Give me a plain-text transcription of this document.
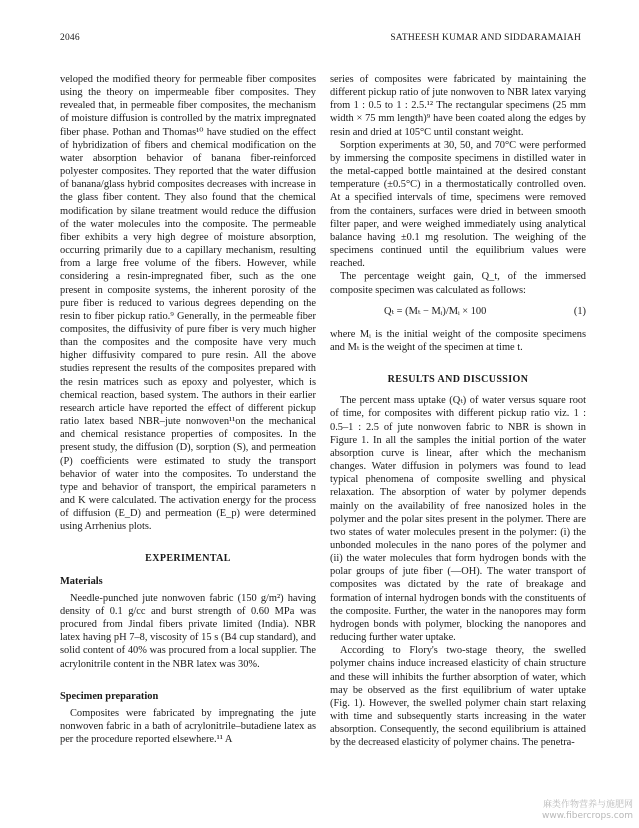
2046	SATHEESH KUMAR AND SIDDARAMAIAH

veloped the modified theory for permeable fiber composites using the theory on impermeable fiber composites. They revealed that, in permeable fiber composites, the mechanism of moisture diffusion is controlled by the matrix impregnated fiber phase. Pothan and Thomas¹⁰ have studied on the effect of hybridization of fibers and chemical modification on the water absorption behavior of banana fiber-reinforced polyester composites. They reported that the water diffusion of banana/glass hybrid composites decreases with increase in the glass fiber content. They also found that the chemical modification by silane treatment would reduce the diffusion of the water molecules into the composite. The permeable fiber exhibits a very high degree of moisture absorption, occurring primarily due to a capillary mechanism, resulting from a large free volume of the fibers. However, while considering a resin-impregnated fiber, such as the one present in composite systems, the inherent porosity of the pure fiber is reduced to various degrees depending on the resin to fiber pickup ratio.⁹ Generally, in the permeable fiber composites, the diffusivity of pure fiber is very much higher than the composites and the composite have very much higher diffusivity compared to pure resin. All the above studies represent the results of the composites prepared with the resin matrices such as epoxy and polyester, which is chemical reaction, based system. The authors in their earlier research article have reported the effect of different pickup ratio latex based NBR–jute nonwoven¹¹on the mechanical and chemical resistance properties of composites. In the present study, the diffusion (D), sorption (S), and permeation (P) coefficients were estimated to study the transport behavior of water into the composites. To understand the type and behavior of transport, the empirical parameters n and K were calculated. The activation energy for the process of diffusion (E_D) and permeation (E_p) were determined using Arrhenius plots.

EXPERIMENTAL
Materials

Needle-punched jute nonwoven fabric (150 g/m²) having density of 0.1 g/cc and burst strength of 0.60 MPa was procured from Jindal fibers private limited (India). NBR latex having pH 7–8, viscosity of 15 s (B4 cup standard), and solid content of 40% was procured from a local supplier. The acrylonitrile content in the NBR latex was 30%.

Specimen preparation

Composites were fabricated by impregnating the jute nonwoven fabric in a bath of acrylonitrile–butadiene latex as per the procedure reported elsewhere.¹¹ A

series of composites were fabricated by maintaining the different pickup ratio of jute nonwoven to NBR latex varying from 1 : 0.5 to 1 : 2.5.¹² The rectangular specimens (25 mm width × 75 mm length)⁹ have been coated along the edges by resin and dried at 105°C until constant weight.

Sorption experiments at 30, 50, and 70°C were performed by immersing the composite specimens in distilled water in the metal-capped bottle maintained at the desired constant temperature (±0.5°C) in a thermostatically controlled oven. At a specified intervals of time, specimens were removed from the containers, surfaces were dried in between smooth filter paper, and were weighed immediately using analytical balance having ±0.1 mg resolution. The weighing of the specimens continued until the equilibrium values were reached.

The percentage weight gain, Q_t, of the immersed composite specimen was calculated as follows:

Qₜ = (Mₜ − Mᵢ)/Mᵢ × 100	(1)

where Mᵢ is the initial weight of the composite specimens and Mₜ is the weight of the specimen at time t.

RESULTS AND DISCUSSION

The percent mass uptake (Qₜ) of water versus square root of time, for composites with different pickup ratio viz. 1 : 0.5–1 : 2.5 of jute nonwoven fabric to NBR is shown in Figure 1. In all the samples the initial portion of the water absorption curve is linear, after which the mechanism changes. Water diffusion in polymers was found to lead typical phenomena of composite swelling and physical relaxation. The absorption of water by polymer depends mainly on the availability of free nanosized holes in the polymer and the polar sites present in the polymer. There are two states of water molecules present in the polymer: (i) the unbonded molecules in the nano pores of the polymer and (ii) the water molecules that form hydrogen bonds with the polar groups of jute fiber (—OH). The water transport of composites was dictated by the rate of breakage and formation of internal hydrogen bonds with the constituents of the composite. Further, the water in the nanopores may form hydrogen bonds with polymer, blocking the nanopores and reducing further water uptake.

According to Flory's two-stage theory, the swelled polymer chains induce increased elasticity of chain structure and these will inhibits the further absorption of water, which may be observed as the first equilibrium of water uptake (Fig. 1). However, the swelled polymer chain start relaxing with time and subsequently starts increasing in the water absorption. Consequently, the second equilibrium is attained by the decreased elasticity of polymer chains. The penetra-

麻类作物营养与施肥网
www.fibercrops.com
